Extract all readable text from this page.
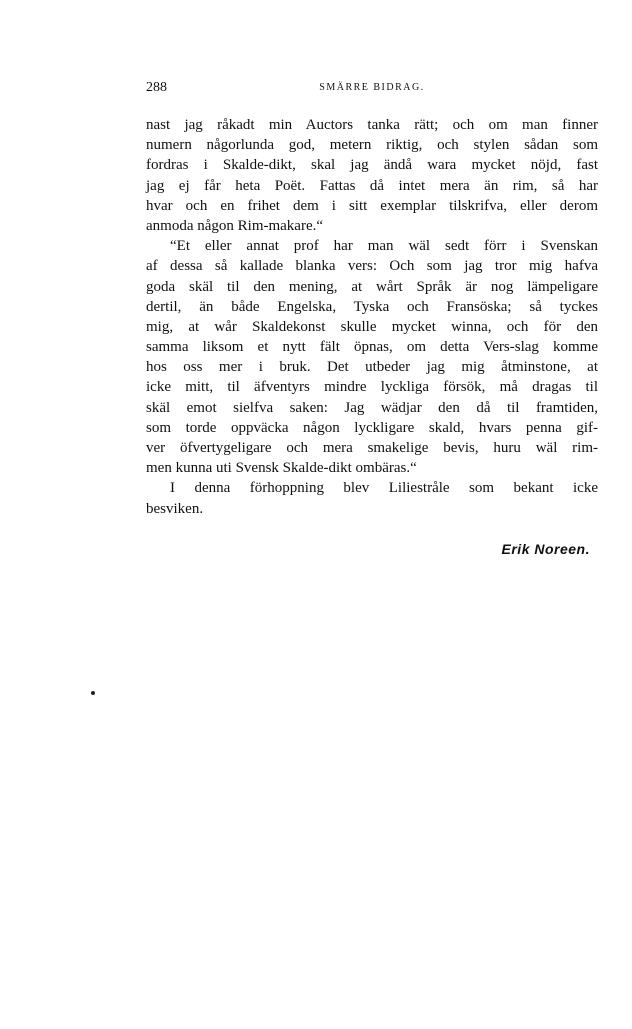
288	SMÄRRE BIDRAG.
nast jag råkadt min Auctors tanka rätt; och om man finner
numern någorlunda god, metern riktig, och stylen sådan som
fordras i Skalde-dikt, skal jag ändå wara mycket nöjd, fast
jag ej får heta Poët. Fattas då intet mera än rim, så har
hvar och en frihet dem i sitt exemplar tilskrifva, eller derom
anmoda någon Rim-makare.“
“Et eller annat prof har man wäl sedt förr i Svenskan
af dessa så kallade blanka vers: Och som jag tror mig hafva
goda skäl til den mening, at wårt Språk är nog lämpeligare
dertil, än både Engelska, Tyska och Fransöska; så tyckes
mig, at wår Skaldekonst skulle mycket winna, och för den
samma liksom et nytt fält öpnas, om detta Vers-slag komme
hos oss mer i bruk. Det utbeder jag mig åtminstone, at
icke mitt, til äfventyrs mindre lyckliga försök, må dragas til
skäl emot sielfva saken: Jag wädjar den då til framtiden,
som torde oppväcka någon lyckligare skald, hvars penna gif-
ver öfvertygeligare och mera smakelige bevis, huru wäl rim-
men kunna uti Svensk Skalde-dikt ombäras.“
I denna förhoppning blev Liliestråle som bekant icke
besviken.
Erik Noreen.
